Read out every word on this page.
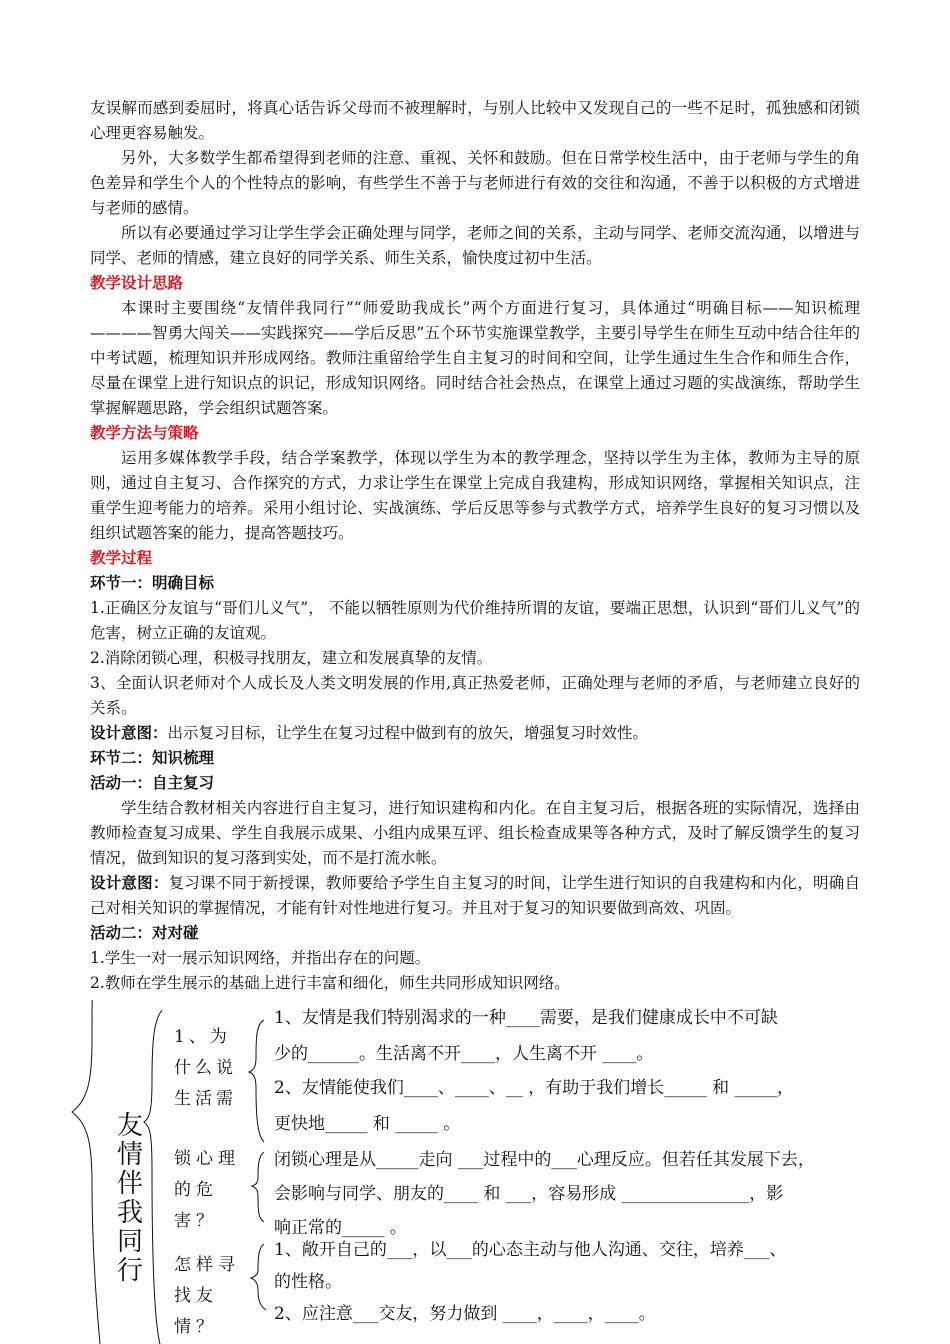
友误解而感到委屈时，将真心话告诉父母而不被理解时，与别人比较中又发现自己的一些不足时，孤独感和闭锁心理更容易触发。

另外，大多数学生都希望得到老师的注意、重视、关怀和鼓励。但在日常学校生活中，由于老师与学生的角色差异和学生个人的个性特点的影响，有些学生不善于与老师进行有效的交往和沟通，不善于以积极的方式增进与老师的感情。

所以有必要通过学习让学生学会正确处理与同学，老师之间的关系，主动与同学、老师交流沟通，以增进与同学、老师的情感，建立良好的同学关系、师生关系，愉快度过初中生活。

教学设计思路

本课时主要围绕“友情伴我同行”“师爱助我成长”两个方面进行复习，具体通过“明确目标——知识梳理————智勇大闯关——实践探究——学后反思”五个环节实施课堂教学，主要引导学生在师生互动中结合往年的中考试题，梳理知识并形成网络。教师注重留给学生自主复习的时间和空间，让学生通过生生合作和师生合作，尽量在课堂上进行知识点的识记，形成知识网络。同时结合社会热点，在课堂上通过习题的实战演练，帮助学生掌握解题思路，学会组织试题答案。

教学方法与策略

运用多媒体教学手段，结合学案教学，体现以学生为本的教学理念，坚持以学生为主体，教师为主导的原则，通过自主复习、合作探究的方式，力求让学生在课堂上完成自我建构，形成知识网络，掌握相关知识点，注重学生迎考能力的培养。采用小组讨论、实战演练、学后反思等参与式教学方式，培养学生良好的复习习惯以及组织试题答案的能力，提高答题技巧。

教学过程

环节一：明确目标

1.正确区分友谊与“哥们儿义气”， 不能以牺牲原则为代价维持所谓的友谊，要端正思想，认识到“哥们儿义气”的危害，树立正确的友谊观。

2.消除闭锁心理，积极寻找朋友，建立和发展真挚的友情。

3、全面认识老师对个人成长及人类文明发展的作用,真正热爱老师，正确处理与老师的矛盾，与老师建立良好的关系。

设计意图：出示复习目标，让学生在复习过程中做到有的放矢，增强复习时效性。

环节二：知识梳理

活动一：自主复习

学生结合教材相关内容进行自主复习，进行知识建构和内化。在自主复习后，根据各班的实际情况，选择由教师检查复习成果、学生自我展示成果、小组内成果互评、组长检查成果等各种方式，及时了解反馈学生的复习情况，做到知识的复习落到实处，而不是打流水帐。

设计意图：复习课不同于新授课，教师要给予学生自主复习的时间，让学生进行知识的自我建构和内化，明确自己对相关知识的掌握情况，才能有针对性地进行复习。并且对于复习的知识要做到高效、巩固。

活动二：对对碰

1.学生一对一展示知识网络，并指出存在的问题。

2.教师在学生展示的基础上进行丰富和细化，师生共同形成知识网络。

友情伴我同行
1、为什么说生活需
锁心理的危害？
怎样寻找友情？
1、友情是我们特别渴求的一种____需要，是我们健康成长中不可缺
少的______。生活离不开____，人生离不开 ____。
2、友情能使我们____、____、__ ，有助于我们增长_____ 和 _____，
更快地_____ 和 _____ 。
闭锁心理是从_____走向 ___过程中的___心理反应。但若任其发展下去，
会影响与同学、朋友的____ 和 ___，容易形成 _______________，影
响正常的_____ 。
1、敞开自己的___，以___的心态主动与他人沟通、交往，培养___、
的性格。
2、应注意___交友，努力做到 ____，____，____。
